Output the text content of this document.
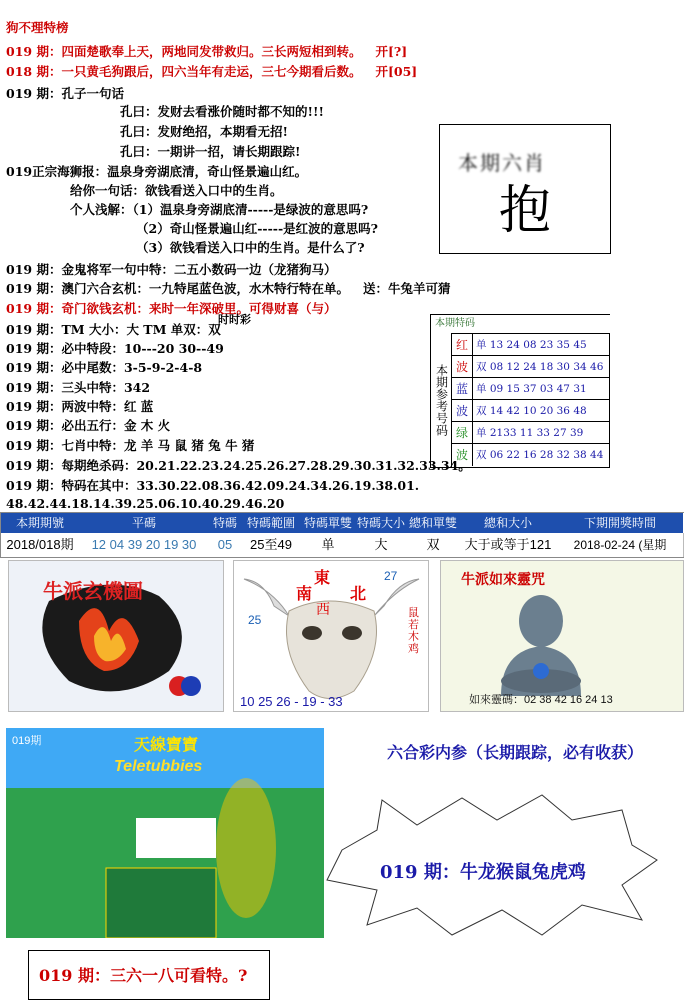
狗不理特榜
019 期：四面楚歌奉上天，两地同发带救归。三长两短相到转。 开[?]
018 期：一只黄毛狗跟后，四六当年有走运，三七今期看后数。 开[05]
019 期：孔子一句话
孔曰：发财去看涨价随时都不知的!!!
孔曰：发财绝招，本期看无招!
孔曰：一期讲一招，请长期跟踪!
019正宗海狮报：温泉身旁湖底清，奇山怪景遍山红。
给你一句话：欲钱看送入口中的生肖。
个人浅解：（1）温泉身旁湖底清-----是绿波的意思吗?
（2）奇山怪景遍山红-----是红波的意思吗?
（3）欲钱看送入口中的生肖。是什么了?
019 期：金鬼将军一句中特：二五小数码一边（龙猪狗马）
019 期：澳门六合玄机：一九特尾蓝色波，水木特行特在单。 送：牛兔羊可猜
019 期：奇门欲钱玄机：来时一年深破里。可得财喜（与）
019 期：TM 大小：大 TM 单双：双
时时彩
019 期：必中特段：10---20 30--49
019 期：必中尾数：3-5-9-2-4-8
019 期：三头中特：342
019 期：两波中特：红 蓝
019 期：必出五行：金 木 火
019 期：七肖中特：龙 羊 马 鼠 猪 兔 牛 猪
019 期：每期绝杀码：20.21.22.23.24.25.26.27.28.29.30.31.32.33.34。
019 期：特码在其中：33.30.22.08.36.42.09.24.34.26.19.38.01.
48.42.44.18.14.39.25.06.10.40.29.46.20
本期六肖
抱
本期特码
本期参考号码
红 单 13 24 08 23 35 45
波 双 08 12 24 18 30 34 46
蓝 单 09 15 37 03 47 31
波 双 14 42 10 20 36 48
绿 单 2133 11 33 27 39
波 双 06 22 16 28 32 38 44
本期期號
2018/018期
平碼
12 04 39 20 19 30
特碼
05
特碼範圍
25至49
特碼單雙
单
特碼大小
大
總和單雙
双
總和大小
大于或等于121
下期開獎時間
2018-02-24 (星期
牛派玄機圖
東
南 北
西
27
25	鼠若木鸡
10 25 26 - 19 - 33
牛派如來靈咒
如來靈碼：02 38 42 16 24 13
天線寶寶
Teletubbies
019期
六合彩内参（长期跟踪，必有收获）
019 期：牛龙猴鼠兔虎鸡
019 期：三六一八可看特。?
